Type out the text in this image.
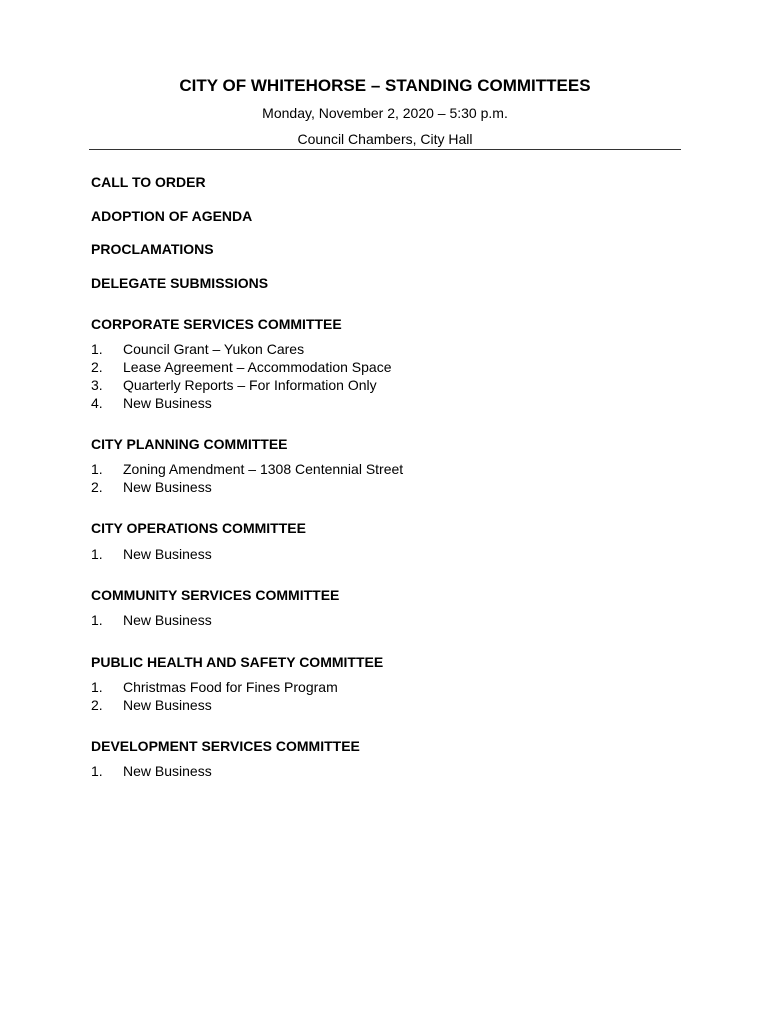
CITY OF WHITEHORSE – STANDING COMMITTEES
Monday, November 2, 2020 – 5:30 p.m.
Council Chambers, City Hall
CALL TO ORDER
ADOPTION OF AGENDA
PROCLAMATIONS
DELEGATE SUBMISSIONS
CORPORATE SERVICES COMMITTEE
1.	Council Grant – Yukon Cares
2.	Lease Agreement – Accommodation Space
3.	Quarterly Reports – For Information Only
4.	New Business
CITY PLANNING COMMITTEE
1.	Zoning Amendment – 1308 Centennial Street
2.	New Business
CITY OPERATIONS COMMITTEE
1.	New Business
COMMUNITY SERVICES COMMITTEE
1.	New Business
PUBLIC HEALTH AND SAFETY COMMITTEE
1.	Christmas Food for Fines Program
2.	New Business
DEVELOPMENT SERVICES COMMITTEE
1.	New Business
